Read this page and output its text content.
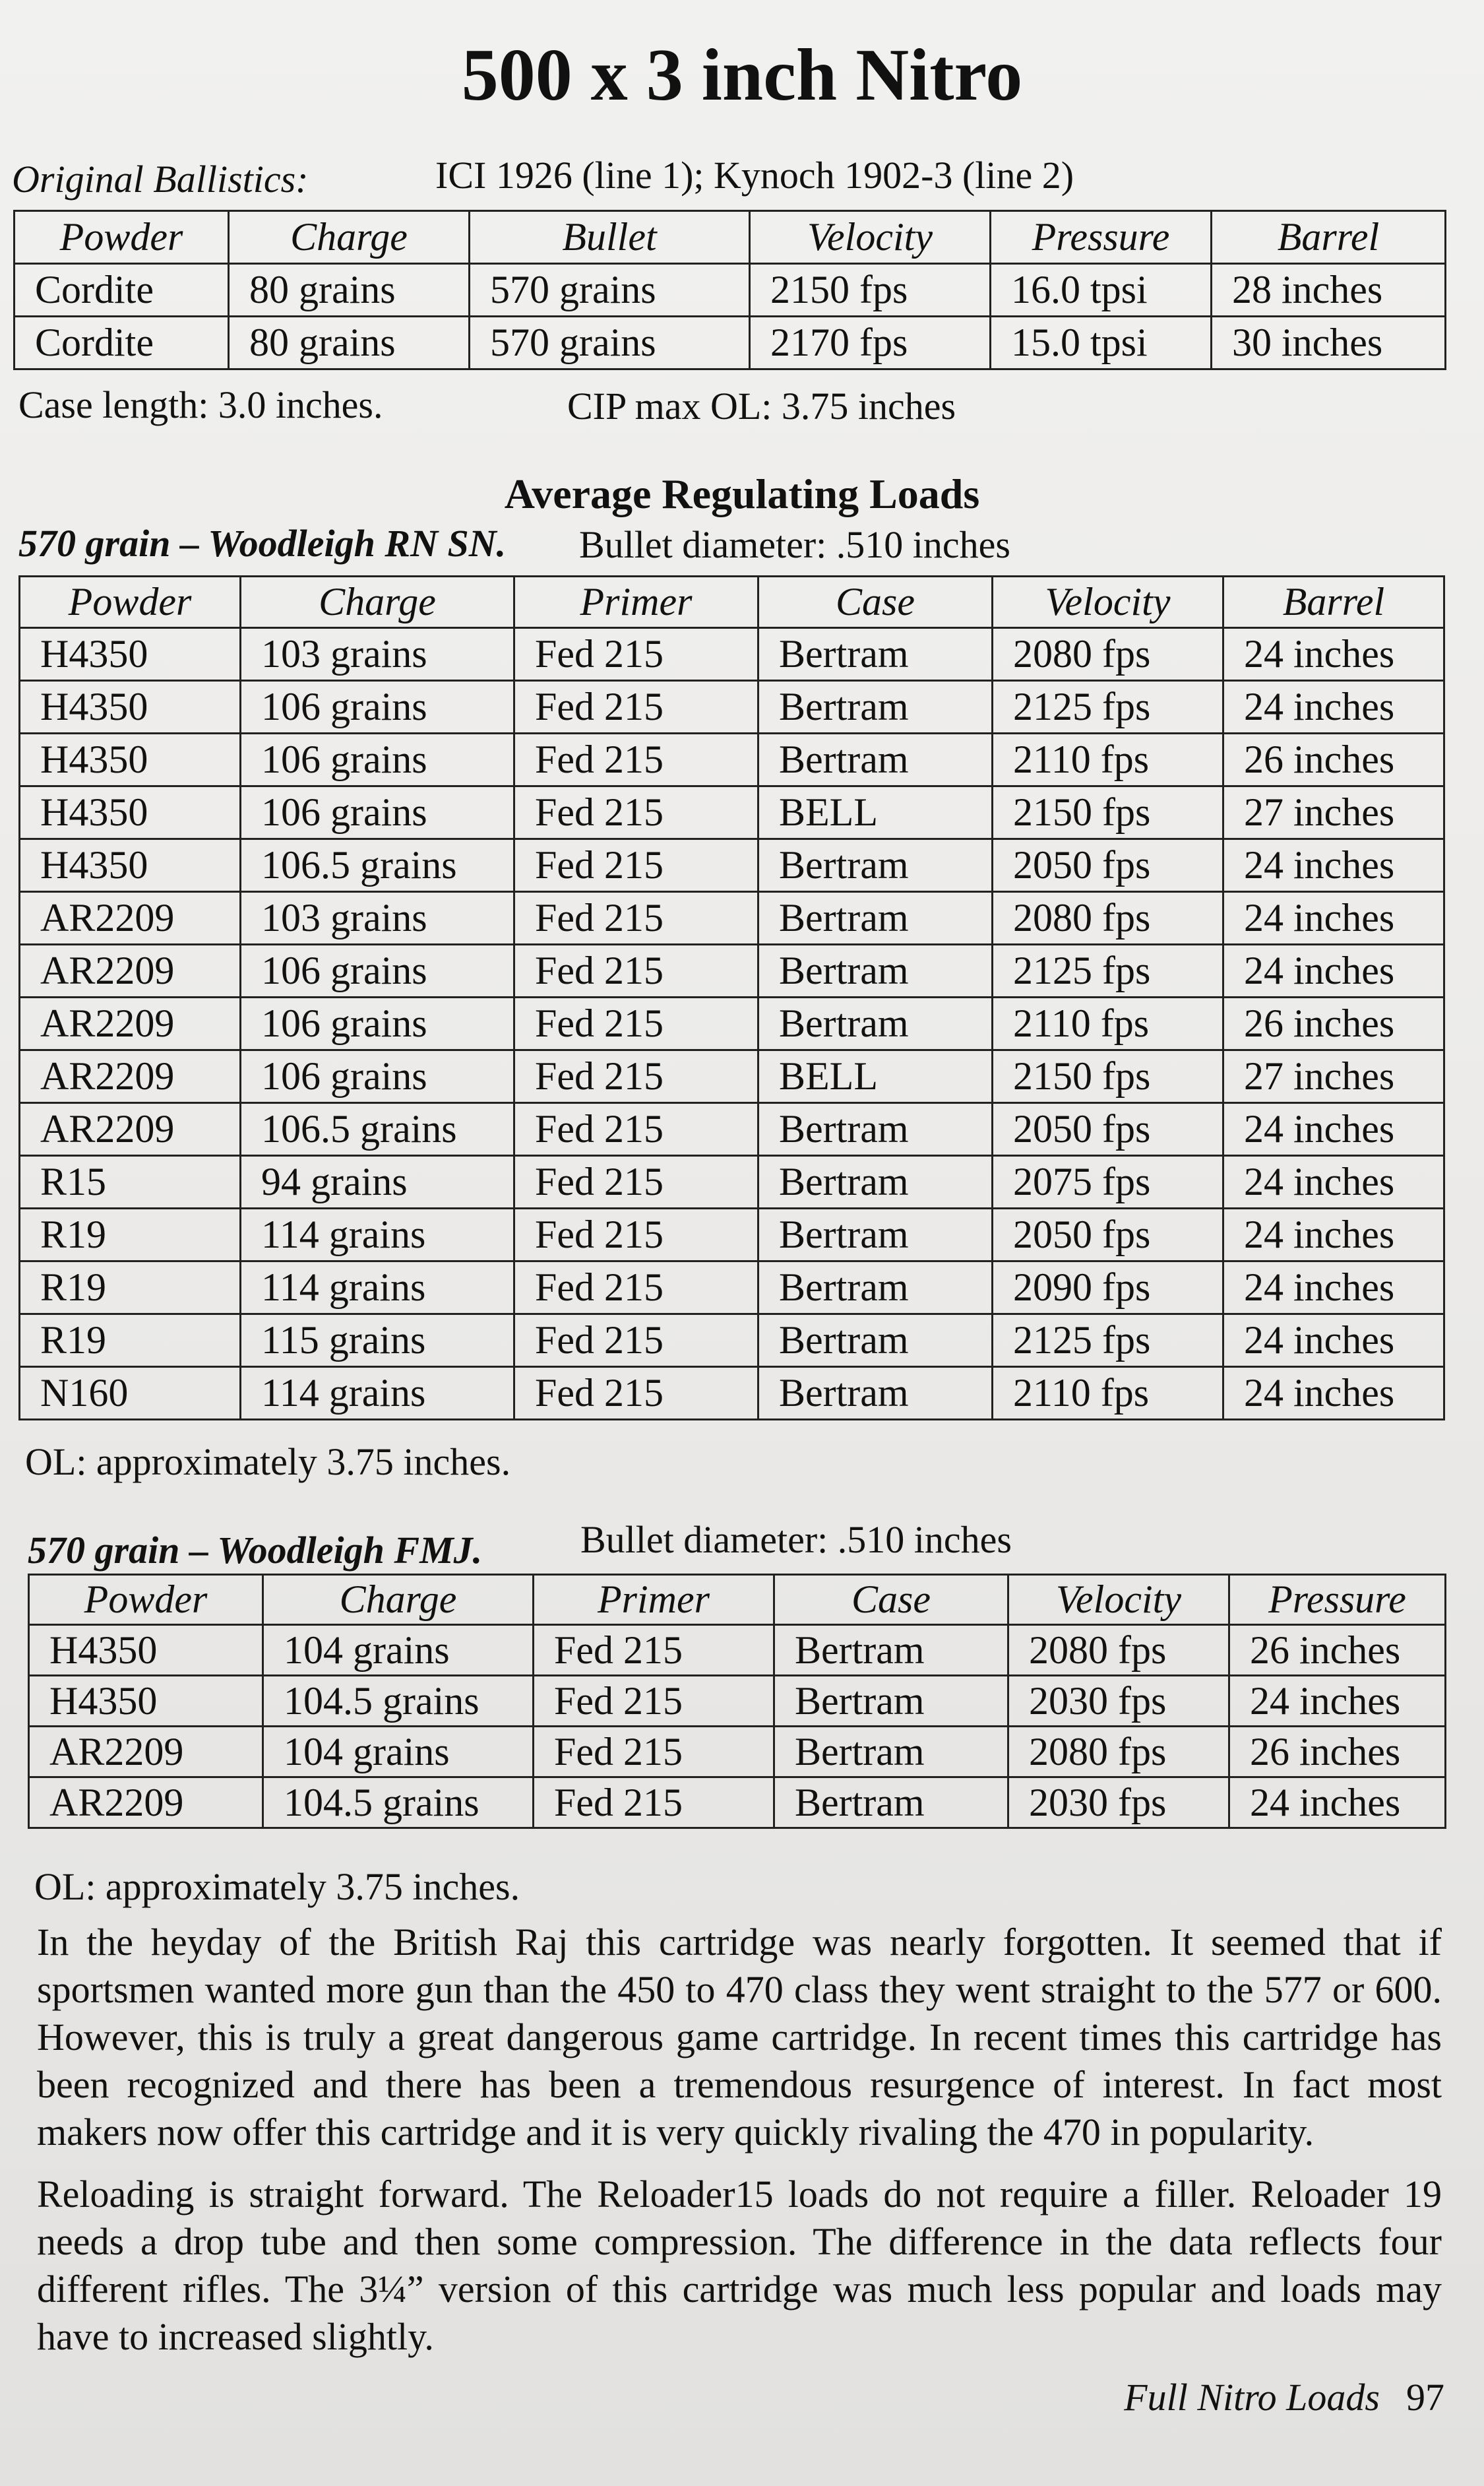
500 x 3 inch Nitro
Original Ballistics:	ICI 1926 (line 1); Kynoch 1902-3 (line 2)
Powder	Charge	Bullet	Velocity	Pressure	Barrel
Cordite	80 grains	570 grains	2150 fps	16.0 tpsi	28 inches
Cordite	80 grains	570 grains	2170 fps	15.0 tpsi	30 inches
Case length: 3.0 inches.	CIP max OL: 3.75 inches
Average Regulating Loads
570 grain – Woodleigh RN SN. Bullet diameter: .510 inches
Powder	Charge	Primer	Case	Velocity	Barrel
H4350	103 grains	Fed 215	Bertram	2080 fps	24 inches
H4350	106 grains	Fed 215	Bertram	2125 fps	24 inches
H4350	106 grains	Fed 215	Bertram	2110 fps	26 inches
H4350	106 grains	Fed 215	BELL	2150 fps	27 inches
H4350	106.5 grains	Fed 215	Bertram	2050 fps	24 inches
AR2209	103 grains	Fed 215	Bertram	2080 fps	24 inches
AR2209	106 grains	Fed 215	Bertram	2125 fps	24 inches
AR2209	106 grains	Fed 215	Bertram	2110 fps	26 inches
AR2209	106 grains	Fed 215	BELL	2150 fps	27 inches
AR2209	106.5 grains	Fed 215	Bertram	2050 fps	24 inches
R15	94 grains	Fed 215	Bertram	2075 fps	24 inches
R19	114 grains	Fed 215	Bertram	2050 fps	24 inches
R19	114 grains	Fed 215	Bertram	2090 fps	24 inches
R19	115 grains	Fed 215	Bertram	2125 fps	24 inches
N160	114 grains	Fed 215	Bertram	2110 fps	24 inches
OL: approximately 3.75 inches.
570 grain – Woodleigh FMJ.	Bullet diameter: .510 inches
Powder	Charge	Primer	Case	Velocity	Pressure
H4350	104 grains	Fed 215	Bertram	2080 fps	26 inches
H4350	104.5 grains	Fed 215	Bertram	2030 fps	24 inches
AR2209	104 grains	Fed 215	Bertram	2080 fps	26 inches
AR2209	104.5 grains	Fed 215	Bertram	2030 fps	24 inches
OL: approximately 3.75 inches.
In the heyday of the British Raj this cartridge was nearly forgotten. It seemed that if sportsmen wanted more gun than the 450 to 470 class they went straight to the 577 or 600. However, this is truly a great dangerous game cartridge. In recent times this cartridge has been recognized and there has been a tremendous resurgence of interest. In fact most makers now offer this cartridge and it is very quickly rivaling the 470 in popularity.
Reloading is straight forward. The Reloader15 loads do not require a filler. Reloader 19 needs a drop tube and then some compression. The difference in the data reflects four different rifles. The 3¼” version of this cartridge was much less popular and loads may have to increased slightly.
Full Nitro Loads 97
